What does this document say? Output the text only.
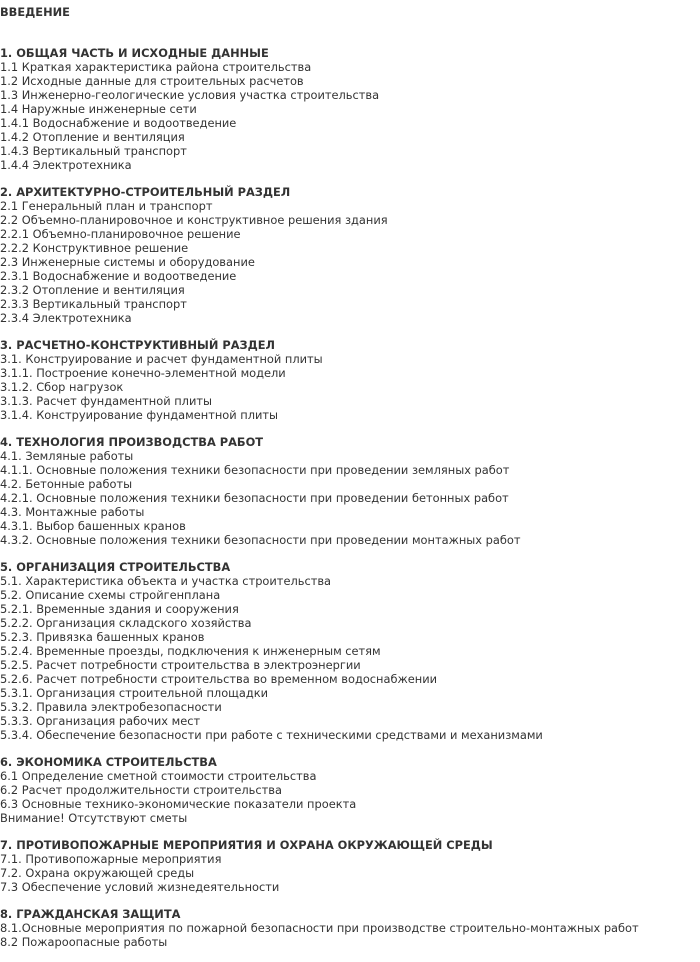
ВВЕДЕНИЕ
1. ОБЩАЯ ЧАСТЬ И ИСХОДНЫЕ ДАННЫЕ
1.1 Краткая характеристика района строительства
1.2 Исходные данные для строительных расчетов
1.3 Инженерно-геологические условия участка строительства
1.4 Наружные инженерные сети
1.4.1 Водоснабжение и водоотведение
1.4.2 Отопление и вентиляция
1.4.3 Вертикальный транспорт
1.4.4 Электротехника
2. АРХИТЕКТУРНО-СТРОИТЕЛЬНЫЙ РАЗДЕЛ
2.1 Генеральный план и транспорт
2.2 Объемно-планировочное и конструктивное решения здания
2.2.1 Объемно-планировочное решение
2.2.2 Конструктивное решение
2.3 Инженерные системы и оборудование
2.3.1 Водоснабжение и водоотведение
2.3.2 Отопление и вентиляция
2.3.3 Вертикальный транспорт
2.3.4 Электротехника
3. РАСЧЕТНО-КОНСТРУКТИВНЫЙ РАЗДЕЛ
3.1. Конструирование и расчет фундаментной плиты
3.1.1. Построение конечно-элементной модели
3.1.2. Сбор нагрузок
3.1.3. Расчет фундаментной плиты
3.1.4. Конструирование фундаментной плиты
4. ТЕХНОЛОГИЯ ПРОИЗВОДСТВА РАБОТ
4.1. Земляные работы
4.1.1. Основные положения техники безопасности при проведении земляных работ
4.2. Бетонные работы
4.2.1. Основные положения техники безопасности при проведении бетонных работ
4.3. Монтажные работы
4.3.1. Выбор башенных кранов
4.3.2. Основные положения техники безопасности при проведении монтажных работ
5. ОРГАНИЗАЦИЯ СТРОИТЕЛЬСТВА
5.1. Характеристика объекта и участка строительства
5.2. Описание схемы стройгенплана
5.2.1. Временные здания и сооружения
5.2.2. Организация складского хозяйства
5.2.3. Привязка башенных кранов
5.2.4. Временные проезды, подключения к инженерным сетям
5.2.5. Расчет потребности строительства в электроэнергии
5.2.6. Расчет потребности строительства во временном водоснабжении
5.3.1. Организация строительной площадки
5.3.2. Правила электробезопасности
5.3.3. Организация рабочих мест
5.3.4. Обеспечение безопасности при работе с техническими средствами и механизмами
6. ЭКОНОМИКА СТРОИТЕЛЬСТВА
6.1 Определение сметной стоимости строительства
6.2 Расчет продолжительности строительства
6.3 Основные технико-экономические показатели проекта
Внимание! Отсутствуют сметы
7. ПРОТИВОПОЖАРНЫЕ МЕРОПРИЯТИЯ И ОХРАНА ОКРУЖАЮЩЕЙ СРЕДЫ
7.1. Противопожарные мероприятия
7.2. Охрана окружающей среды
7.3 Обеспечение условий жизнедеятельности
8. ГРАЖДАНСКАЯ ЗАЩИТА
8.1.Основные мероприятия по пожарной безопасности при производстве строительно-монтажных работ
8.2 Пожароопасные работы
